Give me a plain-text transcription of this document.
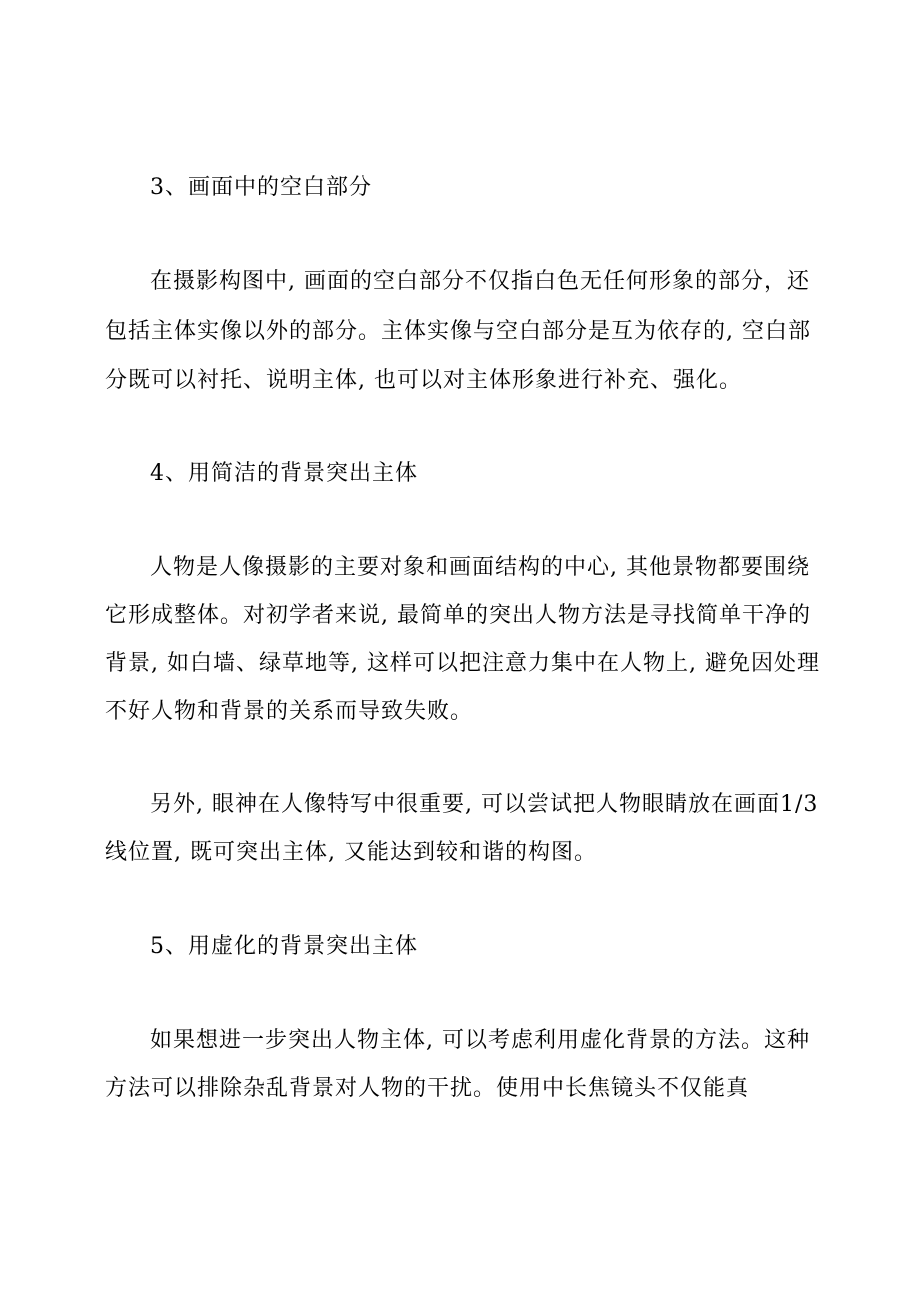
3、画面中的空白部分
在摄影构图中, 画面的空白部分不仅指白色无任何形象的部分，还
包括主体实像以外的部分。主体实像与空白部分是互为依存的, 空白部
分既可以衬托、说明主体, 也可以对主体形象进行补充、强化。
4、用简洁的背景突出主体
人物是人像摄影的主要对象和画面结构的中心, 其他景物都要围绕
它形成整体。对初学者来说, 最简单的突出人物方法是寻找简单干净的
背景, 如白墙、绿草地等, 这样可以把注意力集中在人物上, 避免因处理
不好人物和背景的关系而导致失败。
另外, 眼神在人像特写中很重要, 可以尝试把人物眼睛放在画面1/3
线位置, 既可突出主体, 又能达到较和谐的构图。
5、用虚化的背景突出主体
如果想进一步突出人物主体, 可以考虑利用虚化背景的方法。这种
方法可以排除杂乱背景对人物的干扰。使用中长焦镜头不仅能真
